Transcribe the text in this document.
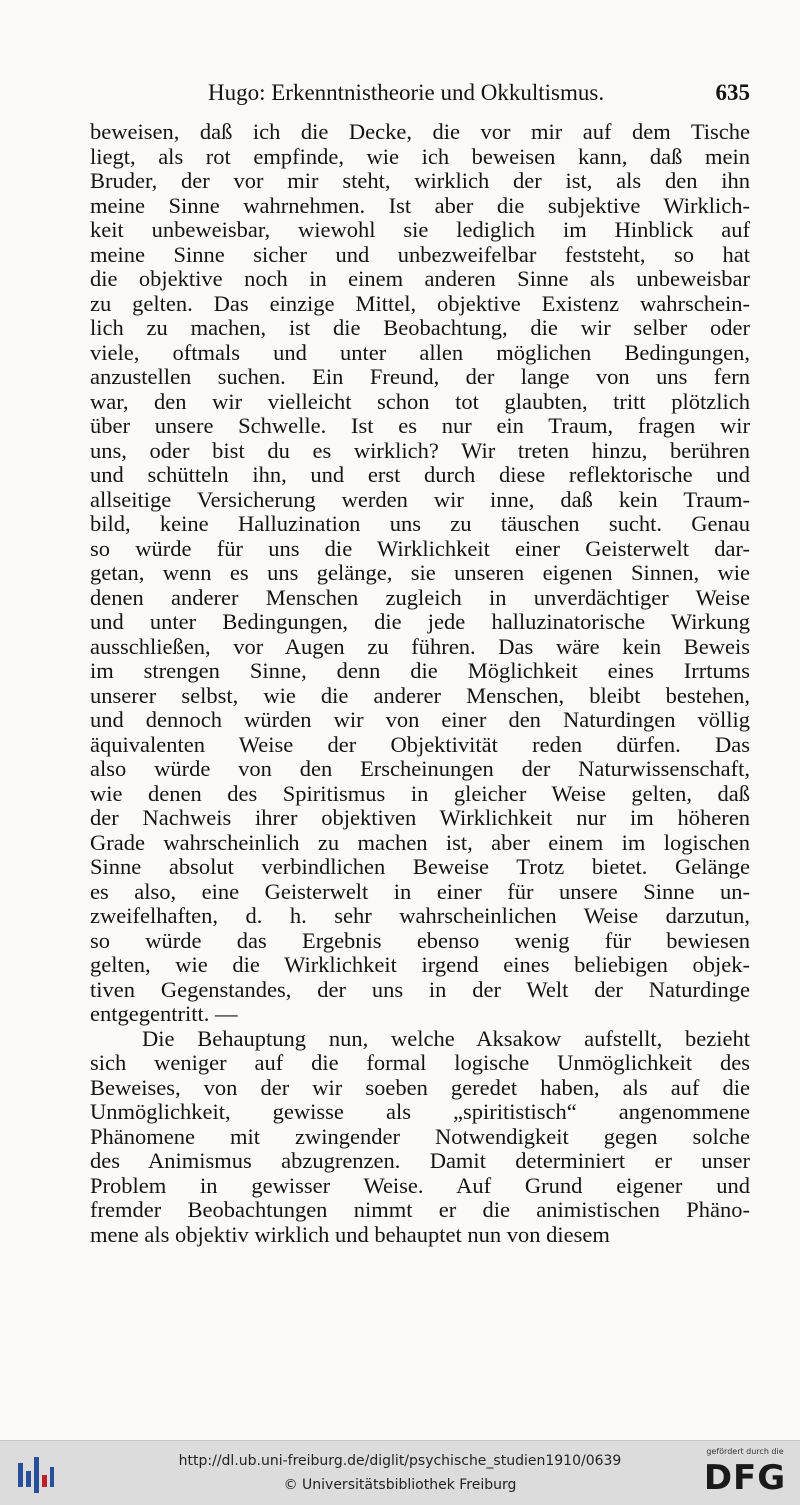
Hugo: Erkenntnistheorie und Okkultismus.	635
beweisen, daß ich die Decke, die vor mir auf dem Tische
liegt, als rot empfinde, wie ich beweisen kann, daß mein
Bruder, der vor mir steht, wirklich der ist, als den ihn
meine Sinne wahrnehmen. Ist aber die subjektive Wirklich-
keit unbeweisbar, wiewohl sie lediglich im Hinblick auf
meine Sinne sicher und unbezweifelbar feststeht, so hat
die objektive noch in einem anderen Sinne als unbeweisbar
zu gelten. Das einzige Mittel, objektive Existenz wahrschein-
lich zu machen, ist die Beobachtung, die wir selber oder
viele, oftmals und unter allen möglichen Bedingungen,
anzustellen suchen. Ein Freund, der lange von uns fern
war, den wir vielleicht schon tot glaubten, tritt plötzlich
über unsere Schwelle. Ist es nur ein Traum, fragen wir
uns, oder bist du es wirklich? Wir treten hinzu, berühren
und schütteln ihn, und erst durch diese reflektorische und
allseitige Versicherung werden wir inne, daß kein Traum-
bild, keine Halluzination uns zu täuschen sucht. Genau
so würde für uns die Wirklichkeit einer Geisterwelt dar-
getan, wenn es uns gelänge, sie unseren eigenen Sinnen, wie
denen anderer Menschen zugleich in unverdächtiger Weise
und unter Bedingungen, die jede halluzinatorische Wirkung
ausschließen, vor Augen zu führen. Das wäre kein Beweis
im strengen Sinne, denn die Möglichkeit eines Irrtums
unserer selbst, wie die anderer Menschen, bleibt bestehen,
und dennoch würden wir von einer den Naturdingen völlig
äquivalenten Weise der Objektivität reden dürfen. Das
also würde von den Erscheinungen der Naturwissenschaft,
wie denen des Spiritismus in gleicher Weise gelten, daß
der Nachweis ihrer objektiven Wirklichkeit nur im höheren
Grade wahrscheinlich zu machen ist, aber einem im logischen
Sinne absolut verbindlichen Beweise Trotz bietet. Gelänge
es also, eine Geisterwelt in einer für unsere Sinne un-
zweifelhaften, d. h. sehr wahrscheinlichen Weise darzutun,
so würde das Ergebnis ebenso wenig für bewiesen
gelten, wie die Wirklichkeit irgend eines beliebigen objek-
tiven Gegenstandes, der uns in der Welt der Naturdinge
entgegentritt. —
Die Behauptung nun, welche Aksakow aufstellt, bezieht
sich weniger auf die formal logische Unmöglichkeit des
Beweises, von der wir soeben geredet haben, als auf die
Unmöglichkeit, gewisse als „spiritistisch“ angenommene
Phänomene mit zwingender Notwendigkeit gegen solche
des Animismus abzugrenzen. Damit determiniert er unser
Problem in gewisser Weise. Auf Grund eigener und
fremder Beobachtungen nimmt er die animistischen Phäno-
mene als objektiv wirklich und behauptet nun von diesem
http://dl.ub.uni-freiburg.de/diglit/psychische_studien1910/0639
© Universitätsbibliothek Freiburg
gefördert durch die
DFG
